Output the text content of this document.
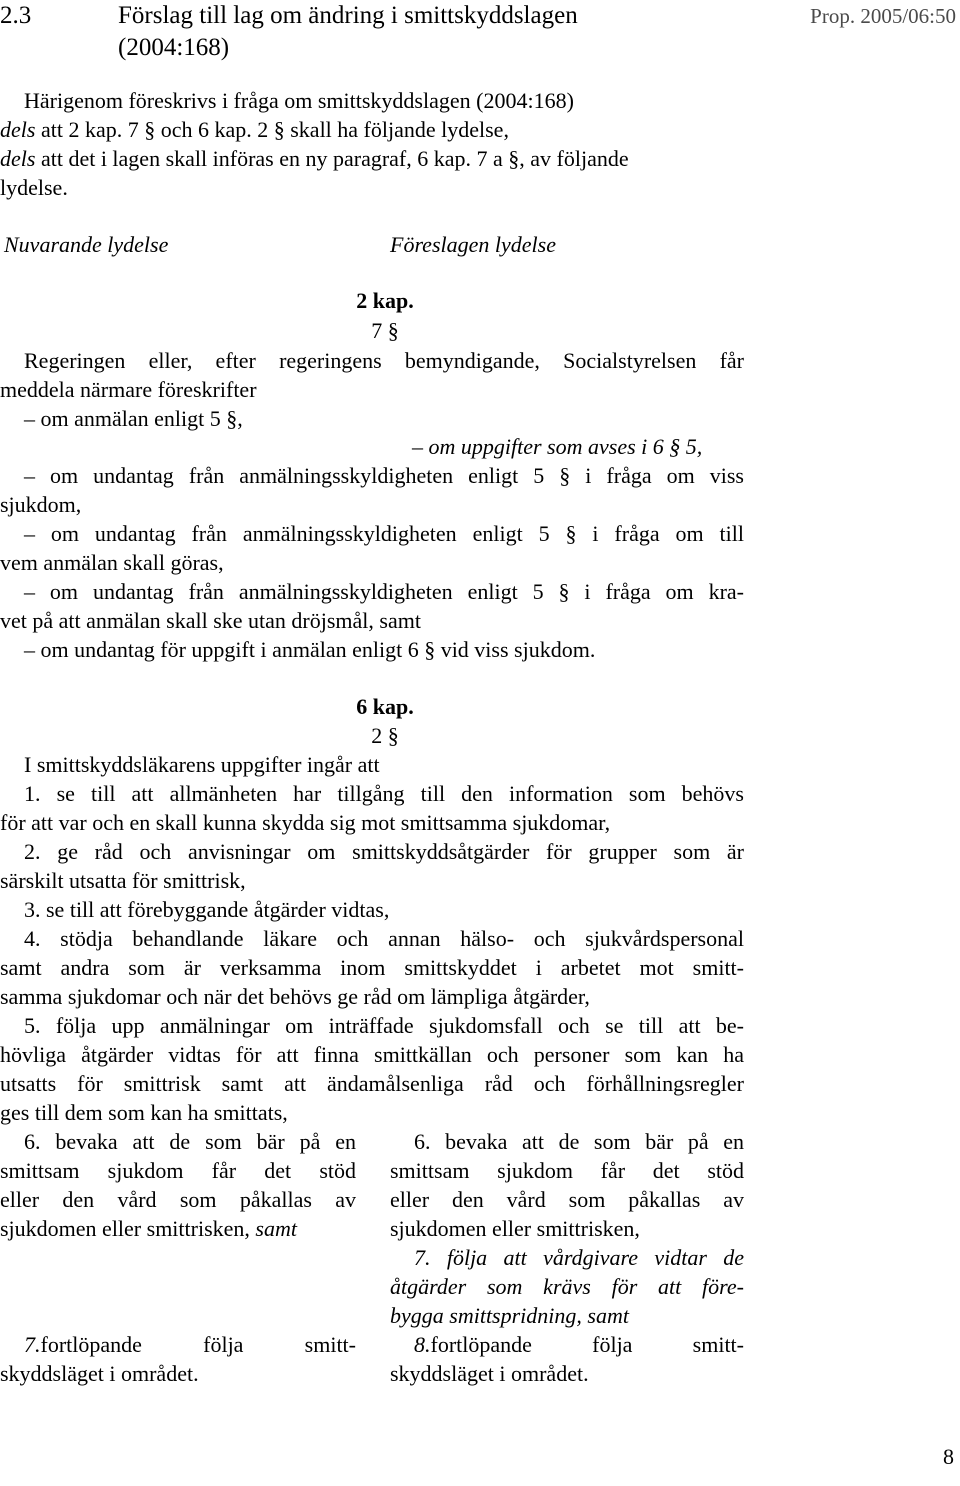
2.3	Förslag till lag om ändring i smittskyddslagen
(2004:168)
Prop. 2005/06:50
Härigenom föreskrivs i fråga om smittskyddslagen (2004:168)
dels att 2 kap. 7 § och 6 kap. 2 § skall ha följande lydelse,
dels att det i lagen skall införas en ny paragraf, 6 kap. 7 a §, av följande
lydelse.
Nuvarande lydelse	Föreslagen lydelse
2 kap.
7 §
Regeringen eller, efter regeringens bemyndigande, Socialstyrelsen får
meddela närmare föreskrifter
– om anmälan enligt 5 §,
– om uppgifter som avses i 6 § 5,
– om undantag från anmälningsskyldigheten enligt 5 § i fråga om viss
sjukdom,
– om undantag från anmälningsskyldigheten enligt 5 § i fråga om till
vem anmälan skall göras,
– om undantag från anmälningsskyldigheten enligt 5 § i fråga om kra-
vet på att anmälan skall ske utan dröjsmål, samt
– om undantag för uppgift i anmälan enligt 6 § vid viss sjukdom.
6 kap.
2 §
I smittskyddsläkarens uppgifter ingår att
1. se till att allmänheten har tillgång till den information som behövs
för att var och en skall kunna skydda sig mot smittsamma sjukdomar,
2. ge råd och anvisningar om smittskyddsåtgärder för grupper som är
särskilt utsatta för smittrisk,
3. se till att förebyggande åtgärder vidtas,
4. stödja behandlande läkare och annan hälso- och sjukvårdspersonal
samt andra som är verksamma inom smittskyddet i arbetet mot smitt-
samma sjukdomar och när det behövs ge råd om lämpliga åtgärder,
5. följa upp anmälningar om inträffade sjukdomsfall och se till att be-
hövliga åtgärder vidtas för att finna smittkällan och personer som kan ha
utsatts för smittrisk samt att ändamålsenliga råd och förhållningsregler
ges till dem som kan ha smittats,
6. bevaka att de som bär på en
smittsam sjukdom får det stöd
eller den vård som påkallas av
sjukdomen eller smittrisken, samt
7. fortlöpande följa smitt-
skyddsläget i området.
6. bevaka att de som bär på en
smittsam sjukdom får det stöd
eller den vård som påkallas av
sjukdomen eller smittrisken,
7. följa att vårdgivare vidtar de
åtgärder som krävs för att före-
bygga smittspridning, samt
8. fortlöpande följa smitt-
skyddsläget i området.
8
